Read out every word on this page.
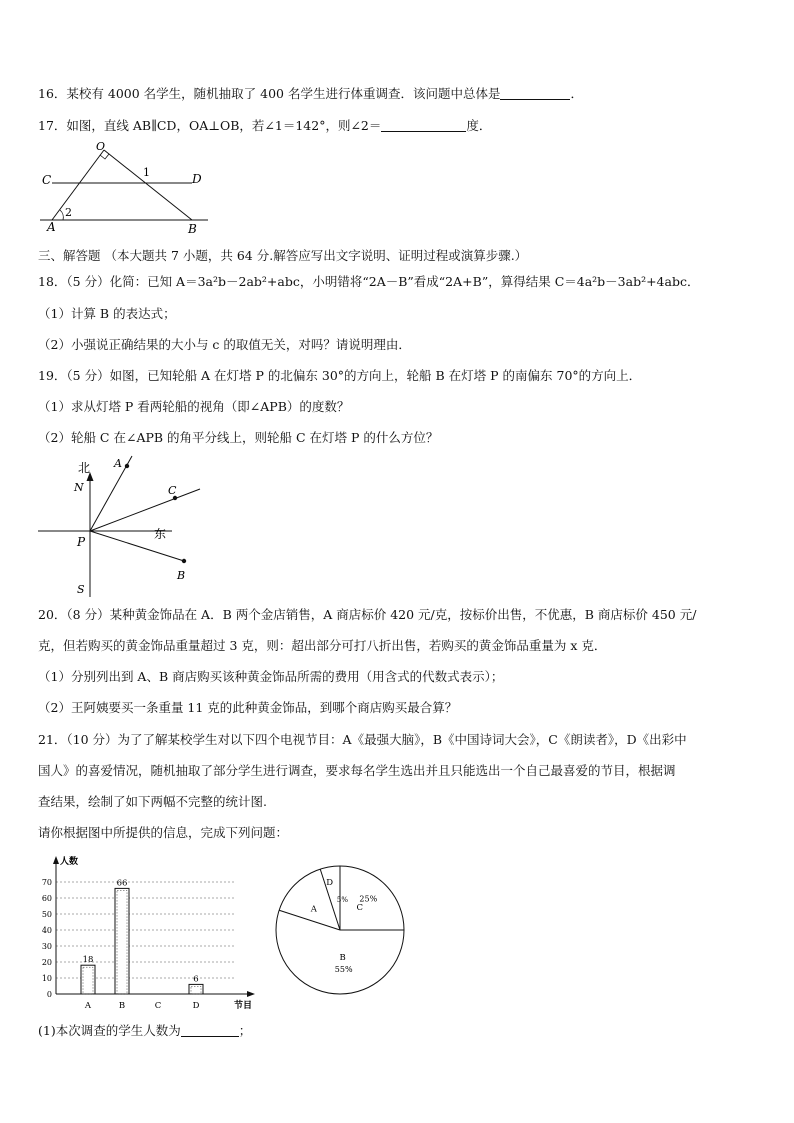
16．某校有 4000 名学生，随机抽取了 400 名学生进行体重调查．该问题中总体是	．
17．如图，直线 AB∥CD，OA⊥OB，若∠1＝142°，则∠2＝	度．
O
C	D
A	B
1
2
三、解答题 （本大题共 7 小题，共 64 分.解答应写出文字说明、证明过程或演算步骤.）
18．（5 分）化简：已知 A＝3a²b－2ab²+abc，小明错将“2A－B”看成“2A+B”，算得结果 C＝4a²b－3ab²+4abc．
（1）计算 B 的表达式；
（2）小强说正确结果的大小与 c 的取值无关，对吗？请说明理由．
19．（5 分）如图，已知轮船 A 在灯塔 P 的北偏东 30°的方向上，轮船 B 在灯塔 P 的南偏东 70°的方向上．
（1）求从灯塔 P 看两轮船的视角（即∠APB）的度数？
（2）轮船 C 在∠APB 的角平分线上，则轮船 C 在灯塔 P 的什么方位？
北
N
东
P
S
A
C
B
20．（8 分）某种黄金饰品在 A．B 两个金店销售，A 商店标价 420 元/克，按标价出售，不优惠，B 商店标价 450 元/
克，但若购买的黄金饰品重量超过 3 克，则：超出部分可打八折出售，若购买的黄金饰品重量为 x 克．
（1）分别列出到 A、B 商店购买该种黄金饰品所需的费用（用含式的代数式表示）；
（2）王阿姨要买一条重量 11 克的此种黄金饰品，到哪个商店购买最合算？
21．（10 分）为了了解某校学生对以下四个电视节目：A《最强大脑》，B《中国诗词大会》，C《朗读者》，D《出彩中
国人》的喜爱情况，随机抽取了部分学生进行调查，要求每名学生选出并且只能选出一个自己最喜爱的节目，根据调
查结果，绘制了如下两幅不完整的统计图.
请你根据图中所提供的信息，完成下列问题：
0
10
20
30
40
50
60
70
人数
节目
18
A
66
B	C
6
D
A
D
5%
C
25%
B
55%
(1)本次调查的学生人数为	；
